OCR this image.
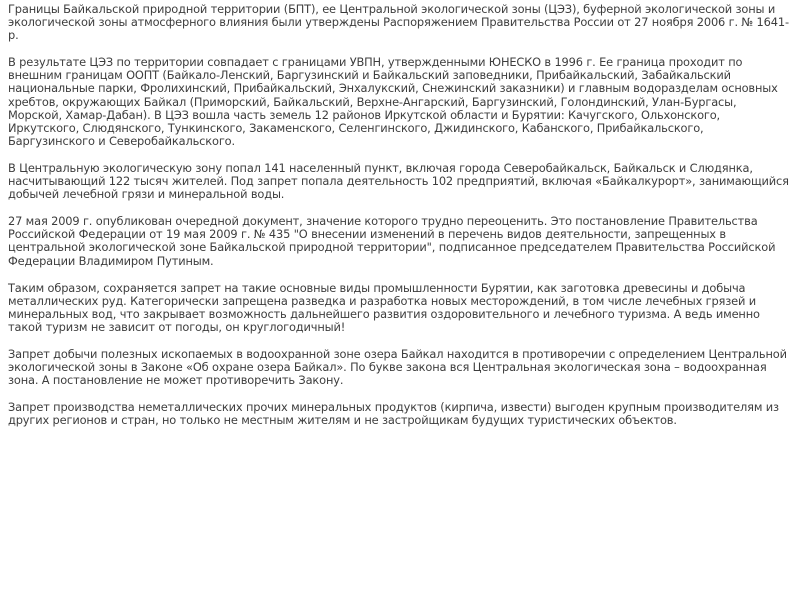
Границы Байкальской природной территории (БПТ), ее Центральной экологической зоны (ЦЭЗ), буферной экологической зоны и экологической зоны атмосферного влияния были утверждены Распоряжением Правительства России от 27 ноября 2006 г. № 1641-р.

В результате ЦЭЗ по территории совпадает с границами УВПН, утвержденными ЮНЕСКО в 1996 г. Ее граница проходит по внешним границам ООПТ (Байкало-Ленский, Баргузинский и Байкальский заповедники, Прибайкальский, Забайкальский национальные парки, Фролихинский, Прибайкальский, Энхалукский, Снежинский заказники) и главным водоразделам основных хребтов, окружающих Байкал (Приморский, Байкальский, Верхне-Ангарский, Баргузинский, Голондинский, Улан-Бургасы, Морской, Хамар-Дабан). В ЦЭЗ вошла часть земель 12 районов Иркутской области и Бурятии: Качугского, Ольхонского, Иркутского, Слюдянского, Тункинского, Закаменского, Селенгинского, Джидинского, Кабанского, Прибайкальского, Баргузинского и Северобайкальского.

В Центральную экологическую зону попал 141 населенный пункт, включая города Северобайкальск, Байкальск и Слюдянка, насчитывающий 122 тысяч жителей. Под запрет попала деятельность 102 предприятий, включая «Байкалкурорт», занимающийся добычей лечебной грязи и минеральной воды.

27 мая 2009 г. опубликован очередной документ, значение которого трудно переоценить. Это постановление Правительства Российской Федерации от 19 мая 2009 г. № 435 "О внесении изменений в перечень видов деятельности, запрещенных в центральной экологической зоне Байкальской природной территории", подписанное председателем Правительства Российской Федерации Владимиром Путиным.

Таким образом, сохраняется запрет на такие основные виды промышленности Бурятии, как заготовка древесины и добыча металлических руд. Категорически запрещена разведка и разработка новых месторождений, в том числе лечебных грязей и минеральных вод, что закрывает возможность дальнейшего развития оздоровительного и лечебного туризма. А ведь именно такой туризм не зависит от погоды, он круглогодичный!

Запрет добычи полезных ископаемых в водоохранной зоне озера Байкал находится в противоречии с определением Центральной экологической зоны в Законе «Об охране озера Байкал». По букве закона вся Центральная экологическая зона – водоохранная зона. А постановление не может противоречить Закону.

Запрет производства неметаллических прочих минеральных продуктов (кирпича, извести) выгоден крупным производителям из других регионов и стран, но только не местным жителям и не застройщикам будущих туристических объектов.
